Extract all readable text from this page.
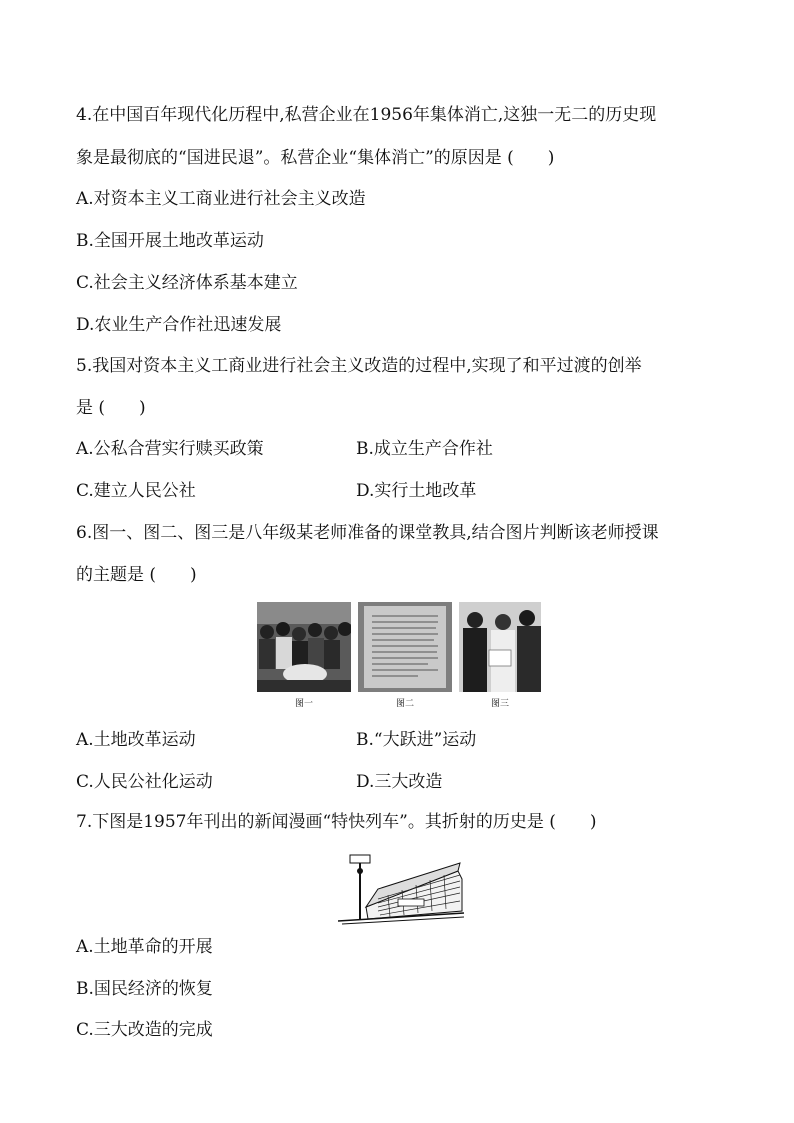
4.在中国百年现代化历程中,私营企业在1956年集体消亡,这独一无二的历史现
象是最彻底的“国进民退”。私营企业“集体消亡”的原因是 (　　)
A.对资本主义工商业进行社会主义改造
B.全国开展土地改革运动
C.社会主义经济体系基本建立
D.农业生产合作社迅速发展
5.我国对资本主义工商业进行社会主义改造的过程中,实现了和平过渡的创举
是 (　　)
A.公私合营实行赎买政策	B.成立生产合作社
C.建立人民公社	D.实行土地改革
6.图一、图二、图三是八年级某老师准备的课堂教具,结合图片判断该老师授课
的主题是 (　　)
图一	图二	图三
A.土地改革运动	B.“大跃进”运动
C.人民公社化运动	D.三大改造
7.下图是1957年刊出的新闻漫画“特快列车”。其折射的历史是 (　　)
A.土地革命的开展
B.国民经济的恢复
C.三大改造的完成
